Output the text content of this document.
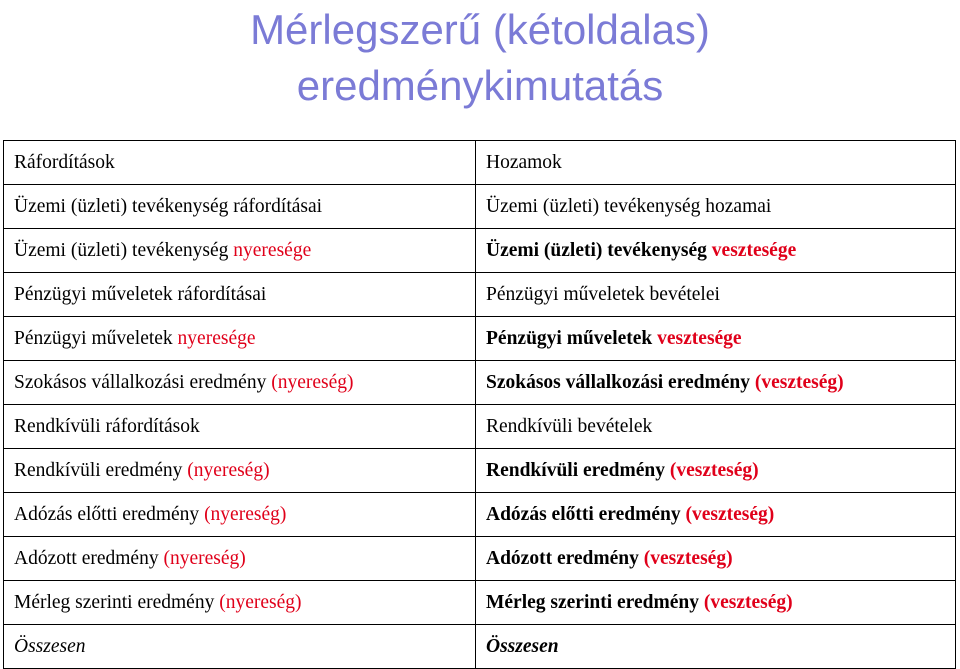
Mérlegszerű (kétoldalas)
eredménykimutatás
Ráfordítások	Hozamok
Üzemi (üzleti) tevékenység ráfordításai	Üzemi (üzleti) tevékenység hozamai
Üzemi (üzleti) tevékenység nyeresége	Üzemi (üzleti) tevékenység vesztesége
Pénzügyi műveletek ráfordításai	Pénzügyi műveletek bevételei
Pénzügyi műveletek nyeresége	Pénzügyi műveletek vesztesége
Szokásos vállalkozási eredmény (nyereség)	Szokásos vállalkozási eredmény (veszteség)
Rendkívüli ráfordítások	Rendkívüli bevételek
Rendkívüli eredmény (nyereség)	Rendkívüli eredmény (veszteség)
Adózás előtti eredmény (nyereség)	Adózás előtti eredmény (veszteség)
Adózott eredmény (nyereség)	Adózott eredmény (veszteség)
Mérleg szerinti eredmény (nyereség)	Mérleg szerinti eredmény (veszteség)
Összesen	Összesen
